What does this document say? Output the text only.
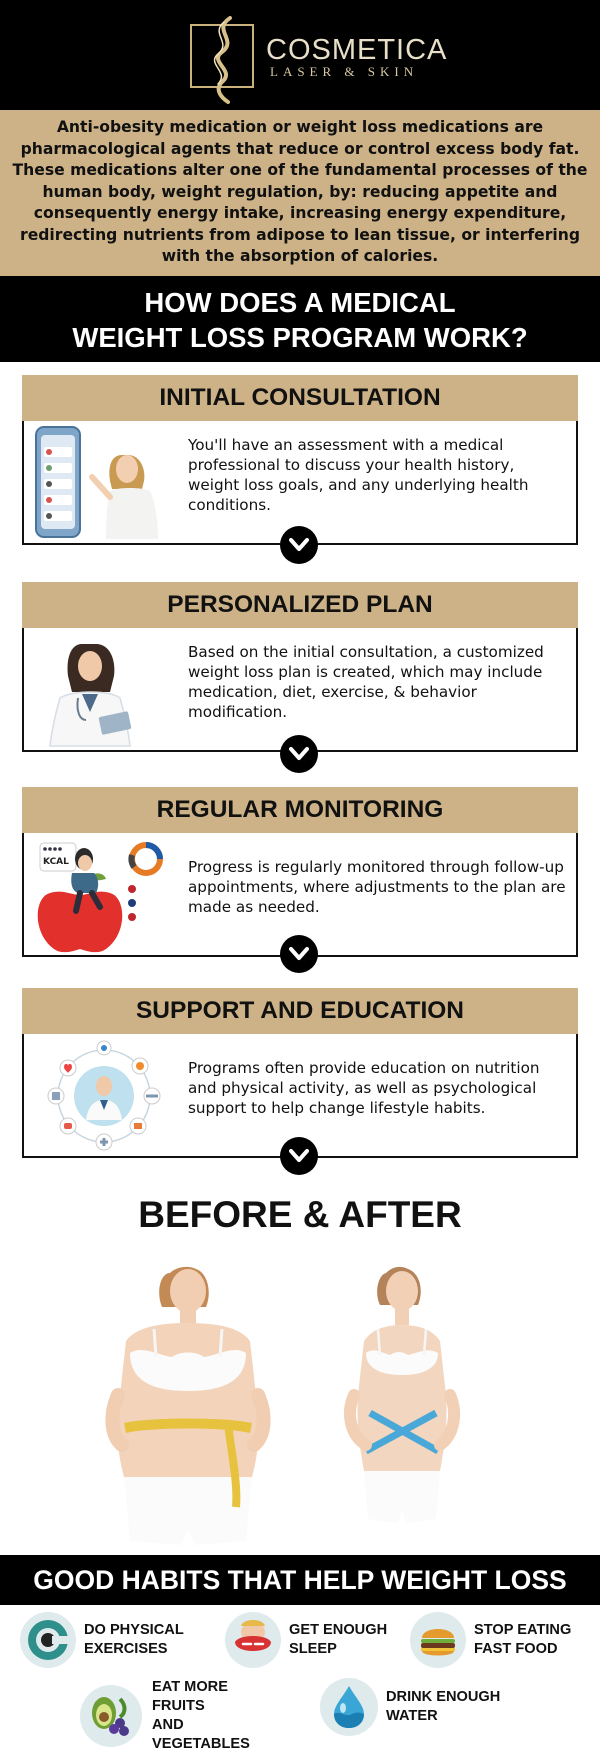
COSMETICA
LASER & SKIN
Anti-obesity medication or weight loss medications are pharmacological agents that reduce or control excess body fat. These medications alter one of the fundamental processes of the human body, weight regulation, by: reducing appetite and consequently energy intake, increasing energy expenditure, redirecting nutrients from adipose to lean tissue, or interfering with the absorption of calories.
HOW DOES A MEDICAL
WEIGHT LOSS PROGRAM WORK?
INITIAL CONSULTATION
You'll have an assessment with a medical professional to discuss your health history, weight loss goals, and any underlying health conditions.
PERSONALIZED PLAN
Based on the initial consultation, a customized weight loss plan is created, which may include medication, diet, exercise, & behavior modification.
REGULAR MONITORING
KCAL	Progress is regularly monitored through follow-up appointments, where adjustments to the plan are made as needed.
SUPPORT AND EDUCATION
Programs often provide education on nutrition and physical activity, as well as psychological support to help change lifestyle habits.
BEFORE & AFTER
GOOD HABITS THAT HELP WEIGHT LOSS
DO PHYSICAL
EXERCISES
GET ENOUGH
SLEEP
STOP EATING
FAST FOOD
EAT MORE FRUITS
AND VEGETABLES
DRINK ENOUGH
WATER
